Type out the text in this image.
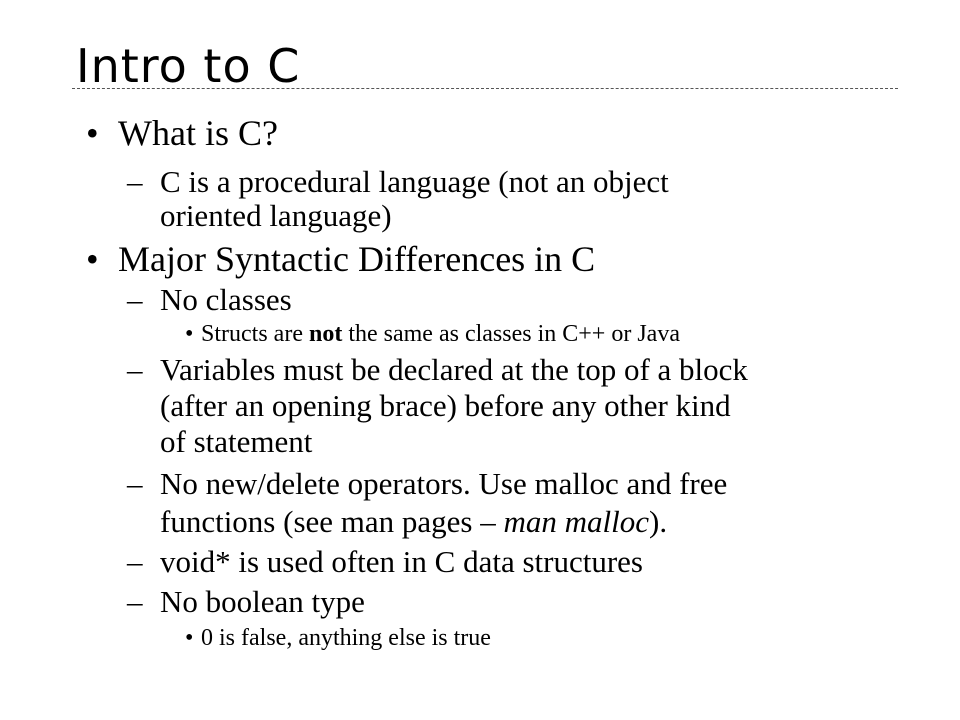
Intro to C
• What is C?
– C is a procedural language (not an object
oriented language)
• Major Syntactic Differences in C
– No classes
• Structs are not the same as classes in C++ or Java
– Variables must be declared at the top of a block
(after an opening brace) before any other kind
of statement
– No new/delete operators. Use malloc and free
functions (see man pages – man malloc).
– void* is used often in C data structures
– No boolean type
• 0 is false, anything else is true
